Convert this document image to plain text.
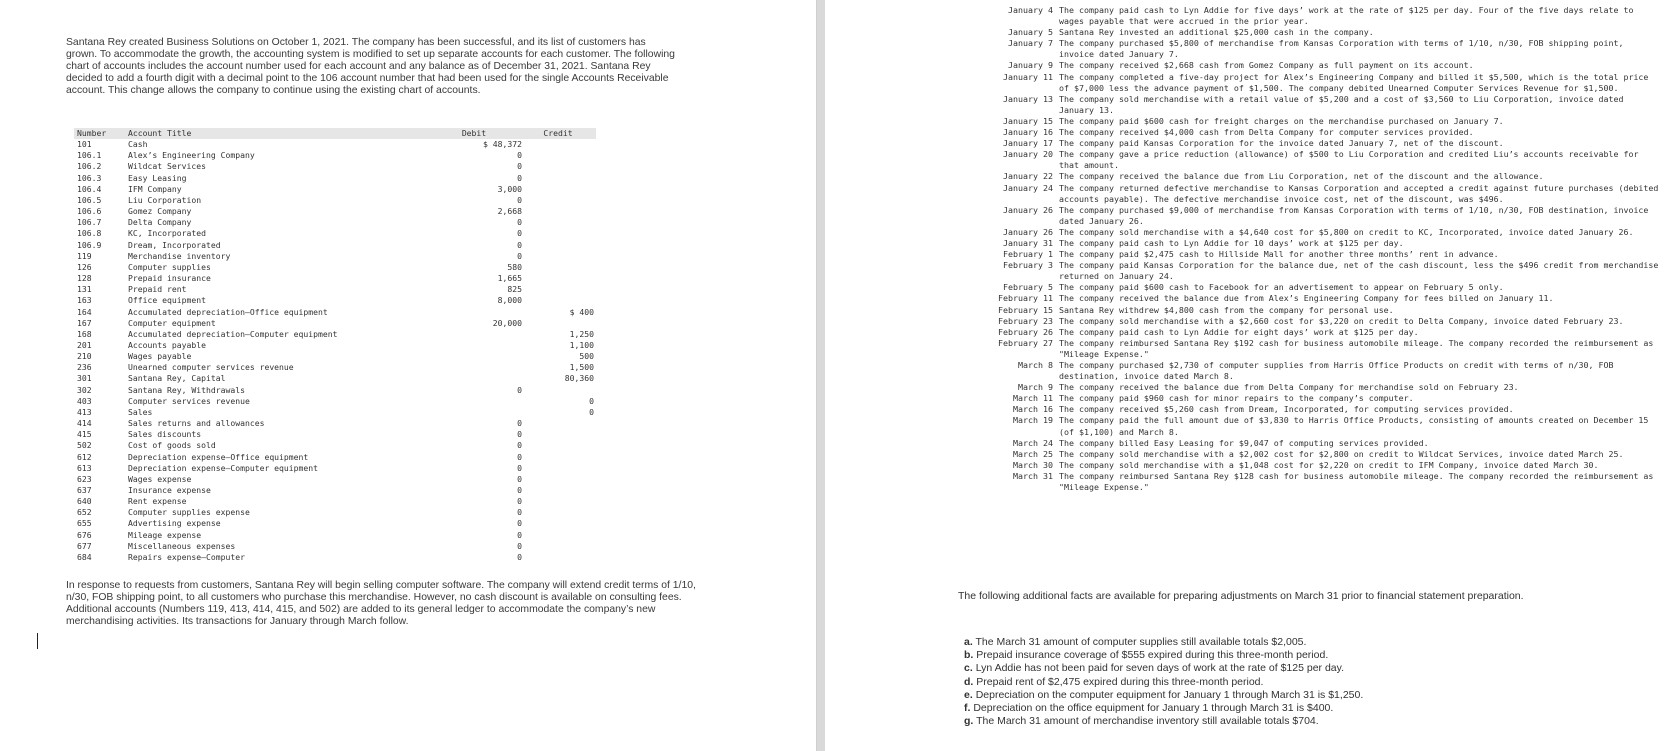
Santana Rey created Business Solutions on October 1, 2021. The company has been successful, and its list of customers has grown. To accommodate the growth, the accounting system is modified to set up separate accounts for each customer. The following chart of accounts includes the account number used for each account and any balance as of December 31, 2021. Santana Rey decided to add a fourth digit with a decimal point to the 106 account number that had been used for the single Accounts Receivable account. This change allows the company to continue using the existing chart of accounts.

Number	Account Title	Debit	Credit
101	Cash	$ 48,372	
106.1	Alex’s Engineering Company	0	
106.2	Wildcat Services	0	
106.3	Easy Leasing	0	
106.4	IFM Company	3,000	
106.5	Liu Corporation	0	
106.6	Gomez Company	2,668	
106.7	Delta Company	0	
106.8	KC, Incorporated	0	
106.9	Dream, Incorporated	0	
119	Merchandise inventory	0	
126	Computer supplies	580	
128	Prepaid insurance	1,665	
131	Prepaid rent	825	
163	Office equipment	8,000	
164	Accumulated depreciation—Office equipment		$ 400
167	Computer equipment	20,000	
168	Accumulated depreciation—Computer equipment		1,250
201	Accounts payable		1,100
210	Wages payable		500
236	Unearned computer services revenue		1,500
301	Santana Rey, Capital		80,360
302	Santana Rey, Withdrawals	0	
403	Computer services revenue		0
413	Sales		0
414	Sales returns and allowances	0	
415	Sales discounts	0	
502	Cost of goods sold	0	
612	Depreciation expense—Office equipment	0	
613	Depreciation expense—Computer equipment	0	
623	Wages expense	0	
637	Insurance expense	0	
640	Rent expense	0	
652	Computer supplies expense	0	
655	Advertising expense	0	
676	Mileage expense	0	
677	Miscellaneous expenses	0	
684	Repairs expense—Computer	0	

In response to requests from customers, Santana Rey will begin selling computer software. The company will extend credit terms of 1/10, n/30, FOB shipping point, to all customers who purchase this merchandise. However, no cash discount is available on consulting fees. Additional accounts (Numbers 119, 413, 414, 415, and 502) are added to its general ledger to accommodate the company’s new merchandising activities. Its transactions for January through March follow.

January 4 The company paid cash to Lyn Addie for five days’ work at the rate of $125 per day. Four of the five days relate to wages payable that were accrued in the prior year.
January 5 Santana Rey invested an additional $25,000 cash in the company.
January 7 The company purchased $5,800 of merchandise from Kansas Corporation with terms of 1/10, n/30, FOB shipping point, invoice dated January 7.
January 9 The company received $2,668 cash from Gomez Company as full payment on its account.
January 11 The company completed a five-day project for Alex’s Engineering Company and billed it $5,500, which is the total price of $7,000 less the advance payment of $1,500. The company debited Unearned Computer Services Revenue for $1,500.
January 13 The company sold merchandise with a retail value of $5,200 and a cost of $3,560 to Liu Corporation, invoice dated January 13.
January 15 The company paid $600 cash for freight charges on the merchandise purchased on January 7.
January 16 The company received $4,000 cash from Delta Company for computer services provided.
January 17 The company paid Kansas Corporation for the invoice dated January 7, net of the discount.
January 20 The company gave a price reduction (allowance) of $500 to Liu Corporation and credited Liu’s accounts receivable for that amount.
January 22 The company received the balance due from Liu Corporation, net of the discount and the allowance.
January 24 The company returned defective merchandise to Kansas Corporation and accepted a credit against future purchases (debited accounts payable). The defective merchandise invoice cost, net of the discount, was $496.
January 26 The company purchased $9,000 of merchandise from Kansas Corporation with terms of 1/10, n/30, FOB destination, invoice dated January 26.
January 26 The company sold merchandise with a $4,640 cost for $5,800 on credit to KC, Incorporated, invoice dated January 26.
January 31 The company paid cash to Lyn Addie for 10 days’ work at $125 per day.
February 1 The company paid $2,475 cash to Hillside Mall for another three months’ rent in advance.
February 3 The company paid Kansas Corporation for the balance due, net of the cash discount, less the $496 credit from merchandise returned on January 24.
February 5 The company paid $600 cash to Facebook for an advertisement to appear on February 5 only.
February 11 The company received the balance due from Alex’s Engineering Company for fees billed on January 11.
February 15 Santana Rey withdrew $4,800 cash from the company for personal use.
February 23 The company sold merchandise with a $2,660 cost for $3,220 on credit to Delta Company, invoice dated February 23.
February 26 The company paid cash to Lyn Addie for eight days’ work at $125 per day.
February 27 The company reimbursed Santana Rey $192 cash for business automobile mileage. The company recorded the reimbursement as "Mileage Expense."
March 8 The company purchased $2,730 of computer supplies from Harris Office Products on credit with terms of n/30, FOB destination, invoice dated March 8.
March 9 The company received the balance due from Delta Company for merchandise sold on February 23.
March 11 The company paid $960 cash for minor repairs to the company’s computer.
March 16 The company received $5,260 cash from Dream, Incorporated, for computing services provided.
March 19 The company paid the full amount due of $3,830 to Harris Office Products, consisting of amounts created on December 15 (of $1,100) and March 8.
March 24 The company billed Easy Leasing for $9,047 of computing services provided.
March 25 The company sold merchandise with a $2,002 cost for $2,800 on credit to Wildcat Services, invoice dated March 25.
March 30 The company sold merchandise with a $1,048 cost for $2,220 on credit to IFM Company, invoice dated March 30.
March 31 The company reimbursed Santana Rey $128 cash for business automobile mileage. The company recorded the reimbursement as "Mileage Expense."
The following additional facts are available for preparing adjustments on March 31 prior to financial statement preparation.
a. The March 31 amount of computer supplies still available totals $2,005.
b. Prepaid insurance coverage of $555 expired during this three-month period.
c. Lyn Addie has not been paid for seven days of work at the rate of $125 per day.
d. Prepaid rent of $2,475 expired during this three-month period.
e. Depreciation on the computer equipment for January 1 through March 31 is $1,250.
f. Depreciation on the office equipment for January 1 through March 31 is $400.
g. The March 31 amount of merchandise inventory still available totals $704.
